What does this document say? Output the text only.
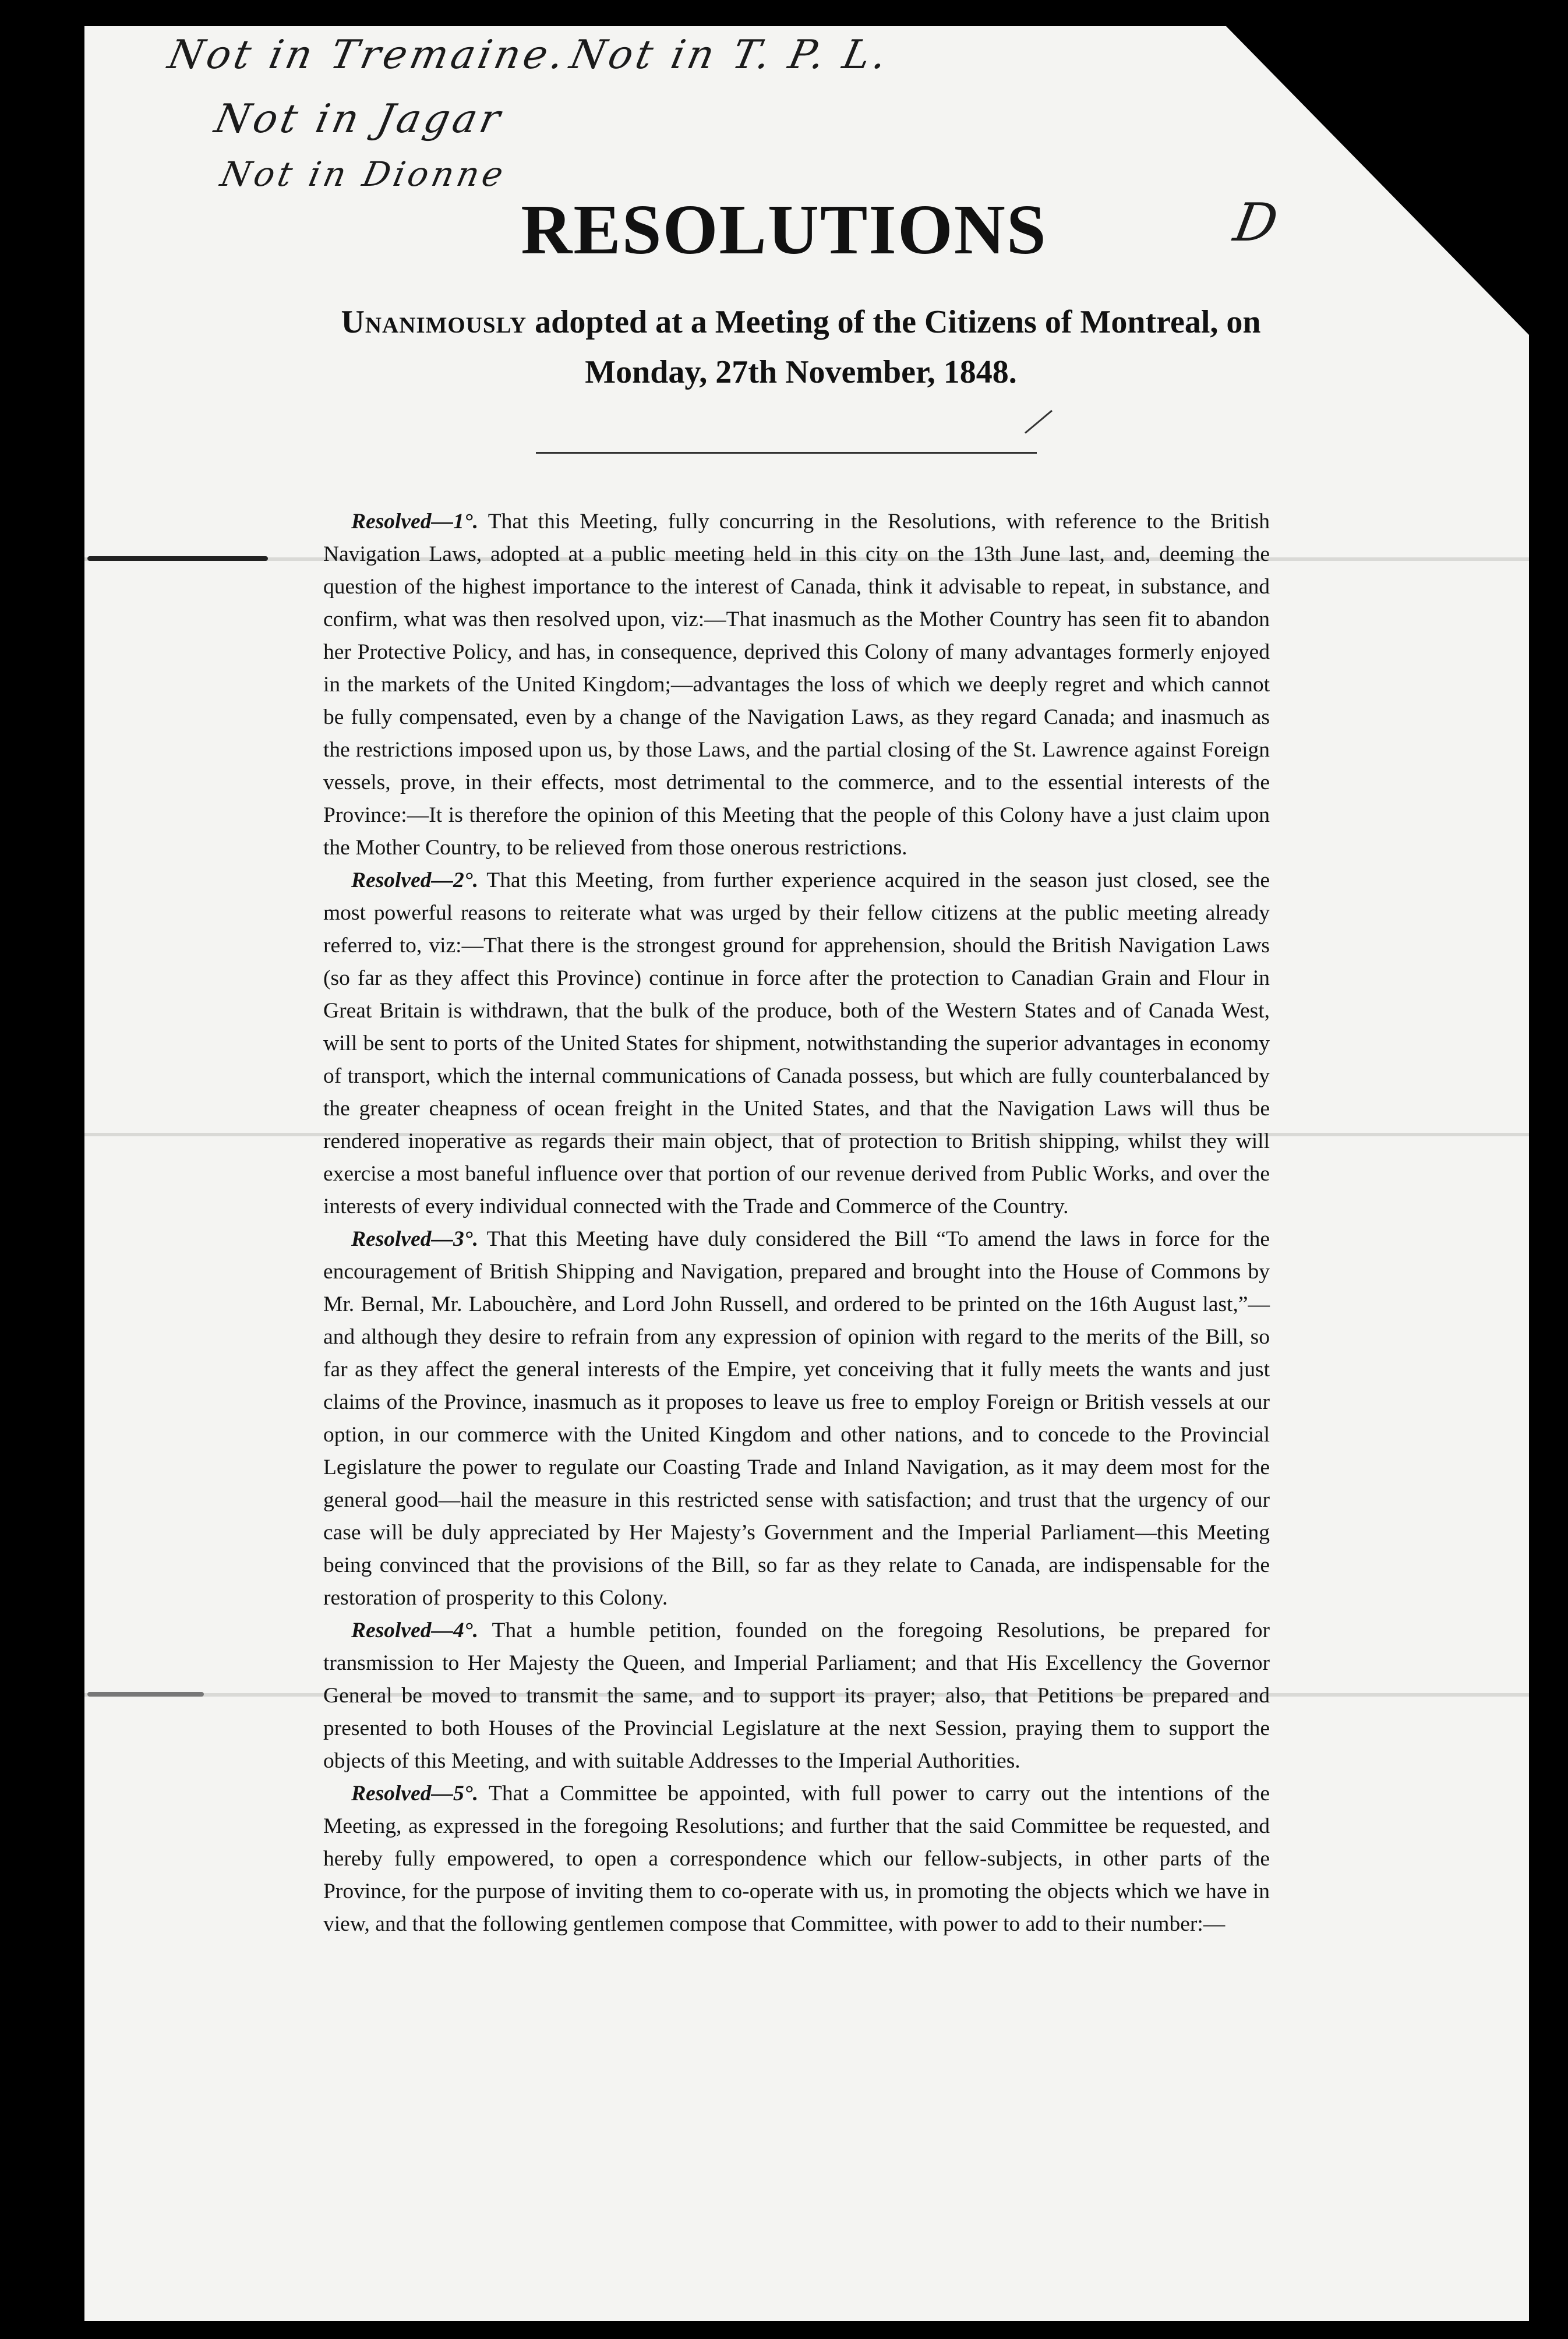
Not in Tremaine.
Not in T. P. L.
Not in Jagar
Not in Dionne
D
RESOLUTIONS

Unanimously adopted at a Meeting of the Citizens of Montreal, on Monday, 27th November, 1848.

Resolved—1°. That this Meeting, fully concurring in the Resolutions, with reference to the British Navigation Laws, adopted at a public meeting held in this city on the 13th June last, and, deeming the question of the highest importance to the interest of Canada, think it advisable to repeat, in substance, and confirm, what was then resolved upon, viz:—That inasmuch as the Mother Country has seen fit to abandon her Protective Policy, and has, in consequence, deprived this Colony of many advantages formerly enjoyed in the markets of the United Kingdom;—advantages the loss of which we deeply regret and which cannot be fully compensated, even by a change of the Navigation Laws, as they regard Canada; and inasmuch as the restrictions imposed upon us, by those Laws, and the partial closing of the St. Lawrence against Foreign vessels, prove, in their effects, most detrimental to the commerce, and to the essential interests of the Province:—It is therefore the opinion of this Meeting that the people of this Colony have a just claim upon the Mother Country, to be relieved from those onerous restrictions.

Resolved—2°. That this Meeting, from further experience acquired in the season just closed, see the most powerful reasons to reiterate what was urged by their fellow citizens at the public meeting already referred to, viz:—That there is the strongest ground for apprehension, should the British Navigation Laws (so far as they affect this Province) continue in force after the protection to Canadian Grain and Flour in Great Britain is withdrawn, that the bulk of the produce, both of the Western States and of Canada West, will be sent to ports of the United States for shipment, notwithstanding the superior advantages in economy of transport, which the internal communications of Canada possess, but which are fully counterbalanced by the greater cheapness of ocean freight in the United States, and that the Navigation Laws will thus be rendered inoperative as regards their main object, that of protection to British shipping, whilst they will exercise a most baneful influence over that portion of our revenue derived from Public Works, and over the interests of every individual connected with the Trade and Commerce of the Country.

Resolved—3°. That this Meeting have duly considered the Bill “To amend the laws in force for the encouragement of British Shipping and Navigation, prepared and brought into the House of Commons by Mr. Bernal, Mr. Labouchère, and Lord John Russell, and ordered to be printed on the 16th August last,”—and although they desire to refrain from any expression of opinion with regard to the merits of the Bill, so far as they affect the general interests of the Empire, yet conceiving that it fully meets the wants and just claims of the Province, inasmuch as it proposes to leave us free to employ Foreign or British vessels at our option, in our commerce with the United Kingdom and other nations, and to concede to the Provincial Legislature the power to regulate our Coasting Trade and Inland Navigation, as it may deem most for the general good—hail the measure in this restricted sense with satisfaction; and trust that the urgency of our case will be duly appreciated by Her Majesty’s Government and the Imperial Parliament—this Meeting being convinced that the provisions of the Bill, so far as they relate to Canada, are indispensable for the restoration of prosperity to this Colony.

Resolved—4°. That a humble petition, founded on the foregoing Resolutions, be prepared for transmission to Her Majesty the Queen, and Imperial Parliament; and that His Excellency the Governor General be moved to transmit the same, and to support its prayer; also, that Petitions be prepared and presented to both Houses of the Provincial Legislature at the next Session, praying them to support the objects of this Meeting, and with suitable Addresses to the Imperial Authorities.

Resolved—5°. That a Committee be appointed, with full power to carry out the intentions of the Meeting, as expressed in the foregoing Resolutions; and further that the said Committee be requested, and hereby fully empowered, to open a correspondence which our fellow-subjects, in other parts of the Province, for the purpose of inviting them to co-operate with us, in promoting the objects which we have in view, and that the following gentlemen compose that Committee, with power to add to their number:—
